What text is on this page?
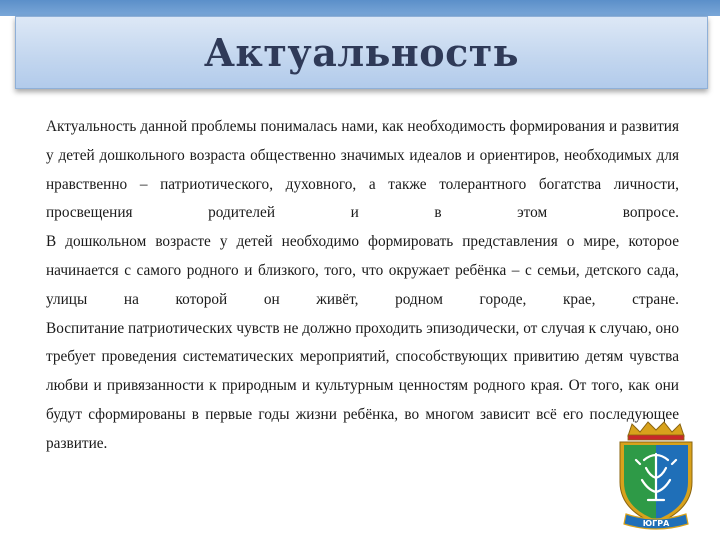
Актуальность

Актуальность данной проблемы понималась нами, как необходимость формирования и развития у детей дошкольного возраста общественно значимых идеалов и ориентиров, необходимых для нравственно – патриотического, духовного, а также толерантного богатства личности, просвещения родителей и в этом вопросе.

В дошкольном возрасте у детей необходимо формировать представления о мире, которое начинается с самого родного и близкого, того, что окружает ребёнка – с семьи, детского сада, улицы на которой он живёт, родном городе, крае, стране.

Воспитание патриотических чувств не должно проходить эпизодически, от случая к случаю, оно требует проведения систематических мероприятий, способствующих привитию детям чувства любви и привязанности к природным и культурным ценностям родного края. От того, как они будут сформированы в первые годы жизни ребёнка, во многом зависит всё его последующее развитие.

ЮГРА
